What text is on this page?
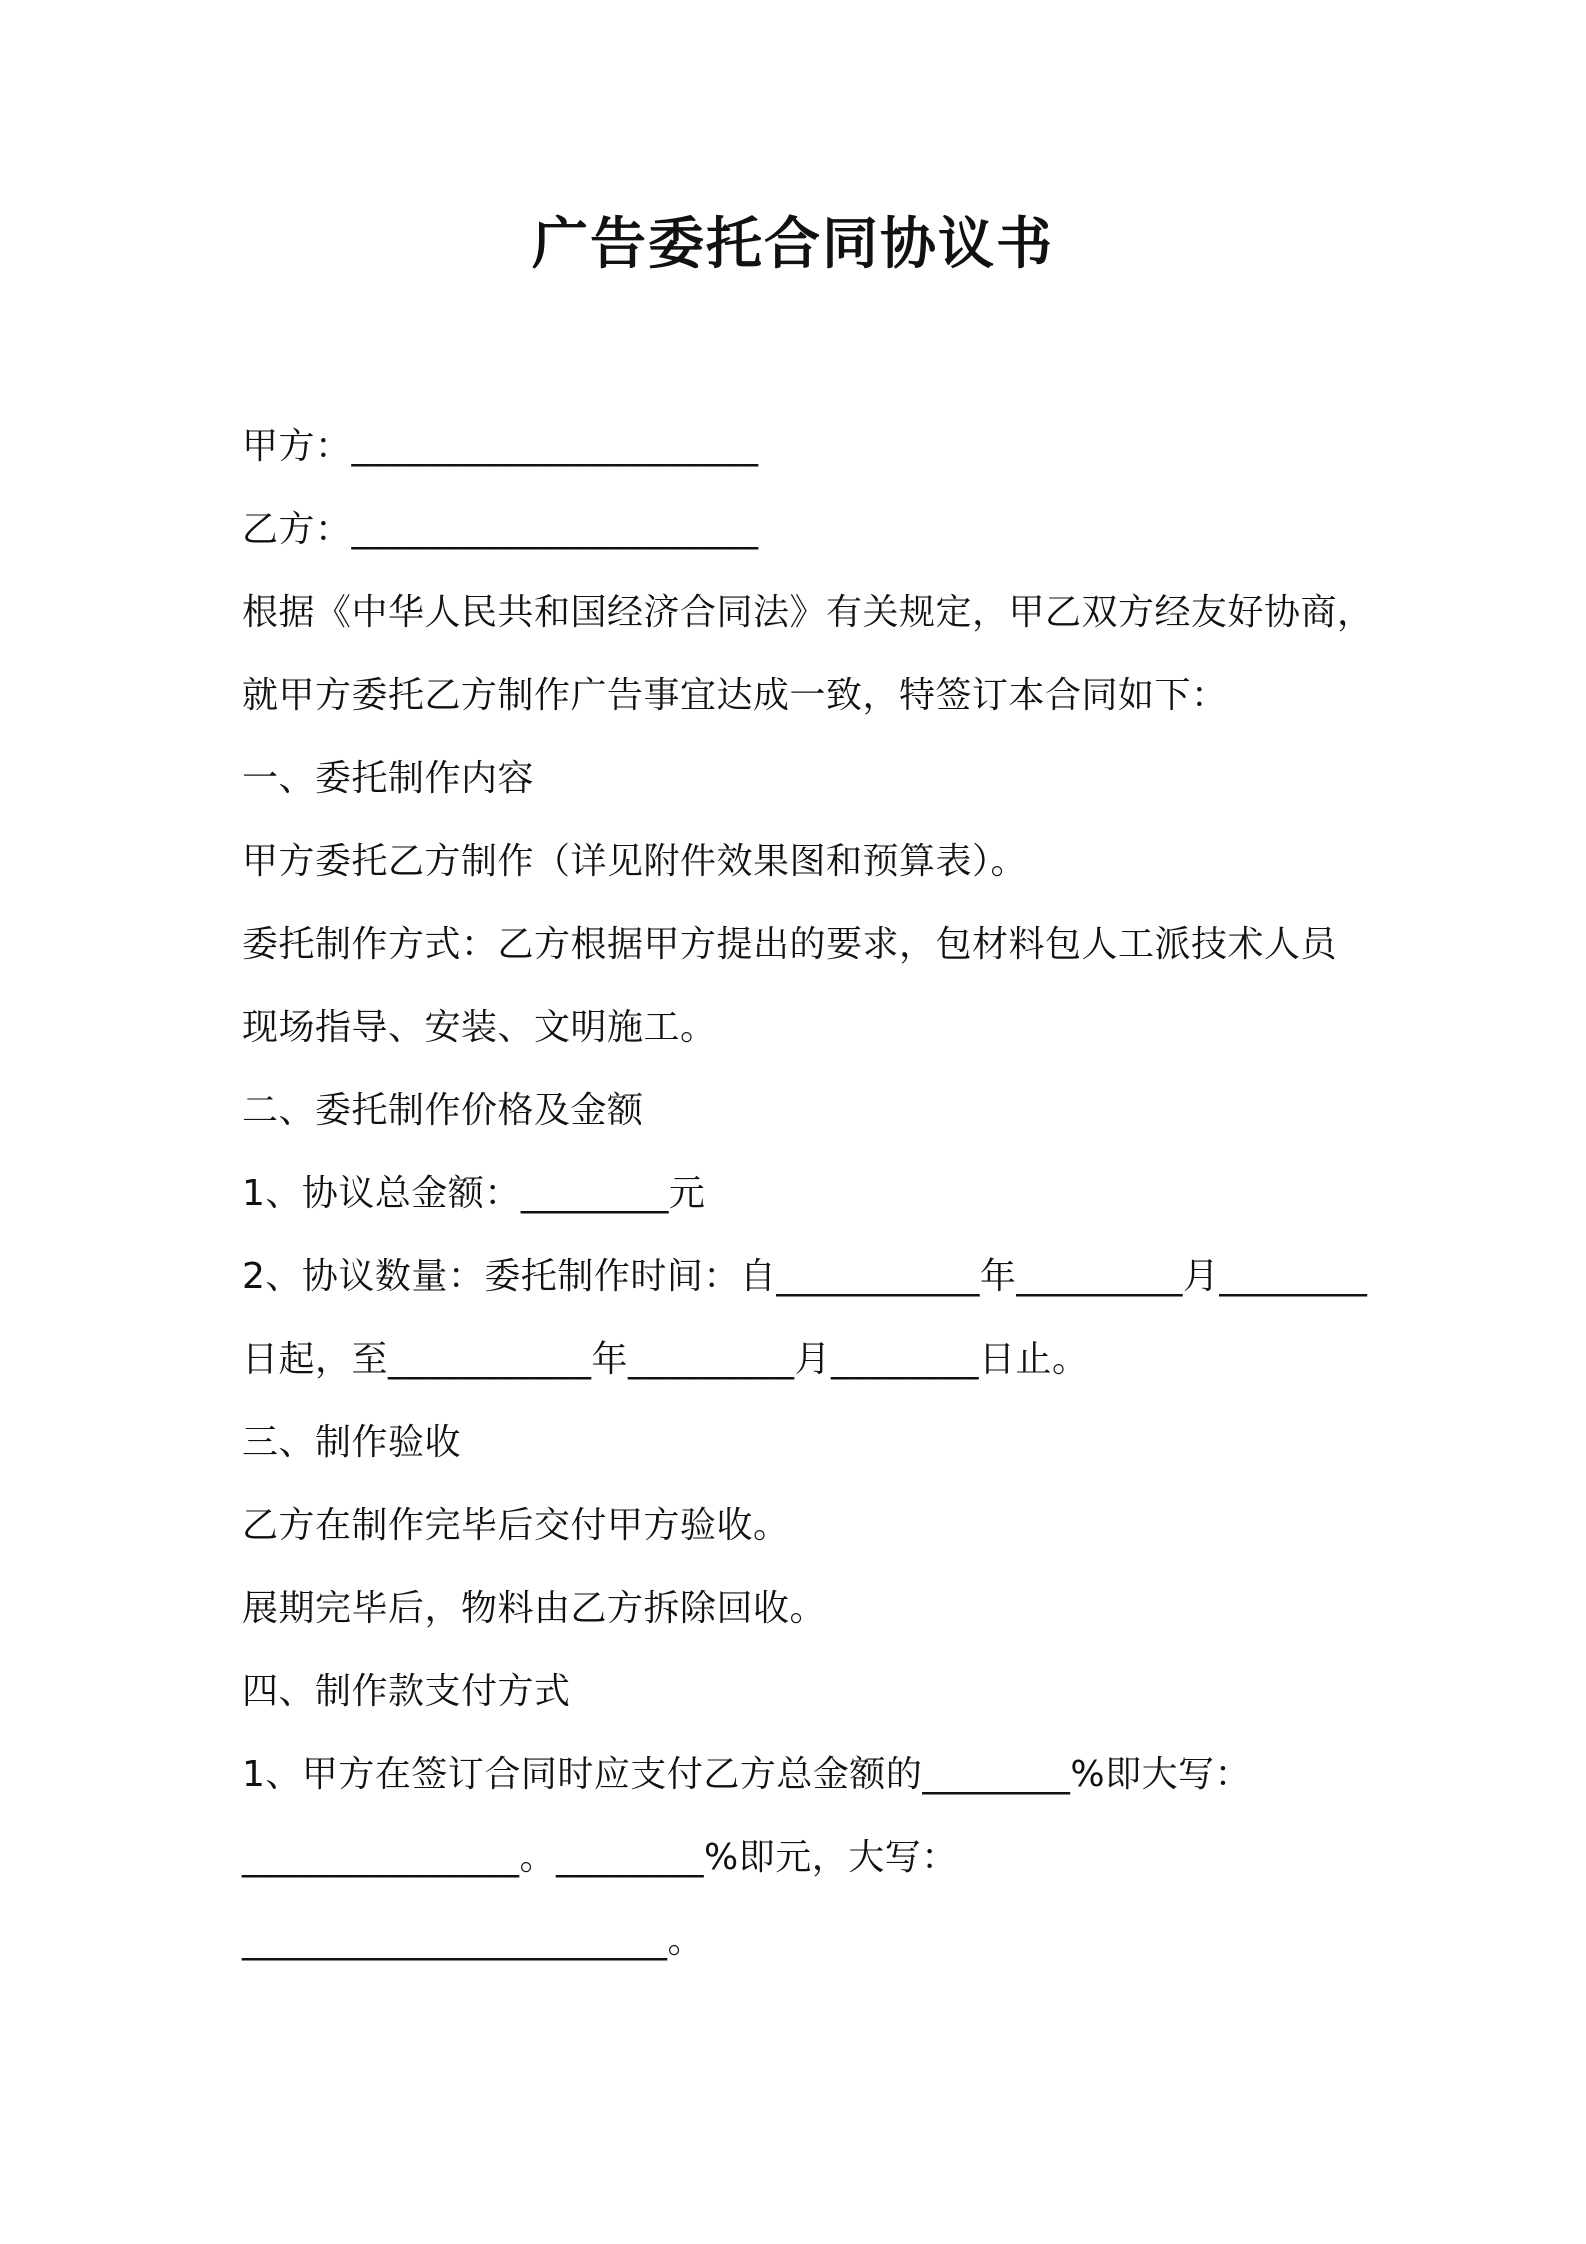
广告委托合同协议书
甲方：______________________
乙方：______________________
根据《中华人民共和国经济合同法》有关规定，甲乙双方经友好协商，
就甲方委托乙方制作广告事宜达成一致，特签订本合同如下：
一、委托制作内容
甲方委托乙方制作（详见附件效果图和预算表）。
委托制作方式：乙方根据甲方提出的要求，包材料包人工派技术人员
现场指导、安装、文明施工。
二、委托制作价格及金额
1、协议总金额：________元
2、协议数量：委托制作时间：自___________年_________月________
日起，至___________年_________月________日止。
三、制作验收
乙方在制作完毕后交付甲方验收。
展期完毕后，物料由乙方拆除回收。
四、制作款支付方式
1、甲方在签订合同时应支付乙方总金额的________%即大写：
_______________。________%即元，大写：
_______________________。
